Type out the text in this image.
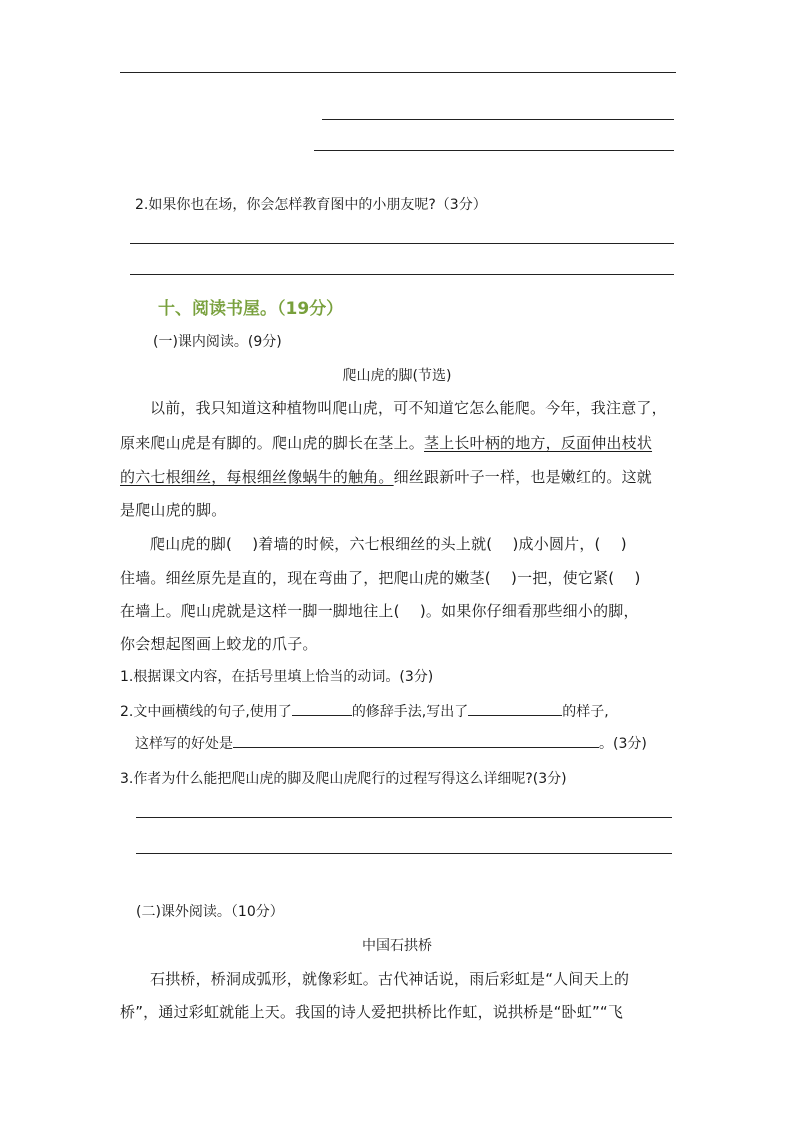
2.如果你也在场，你会怎样教育图中的小朋友呢?（3分）
十、阅读书屋。（19分）
(一)课内阅读。(9分)
爬山虎的脚(节选)
以前，我只知道这种植物叫爬山虎，可不知道它怎么能爬。今年，我注意了，
原来爬山虎是有脚的。爬山虎的脚长在茎上。茎上长叶柄的地方，反面伸出枝状
的六七根细丝，每根细丝像蜗牛的触角。细丝跟新叶子一样，也是嫩红的。这就
是爬山虎的脚。
爬山虎的脚(　 )着墙的时候，六七根细丝的头上就(　 )成小圆片，(　 )
住墙。细丝原先是直的，现在弯曲了，把爬山虎的嫩茎(　 )一把，使它紧(　 )
在墙上。爬山虎就是这样一脚一脚地往上(　 )。如果你仔细看那些细小的脚，
你会想起图画上蛟龙的爪子。
1.根据课文内容，在括号里填上恰当的动词。(3分)
2.文中画横线的句子,使用了	的修辞手法,写出了	的样子,
这样写的好处是	。(3分)
3.作者为什么能把爬山虎的脚及爬山虎爬行的过程写得这么详细呢?(3分)
(二)课外阅读。（10分）
中国石拱桥
石拱桥，桥洞成弧形，就像彩虹。古代神话说，雨后彩虹是“人间天上的
桥”，通过彩虹就能上天。我国的诗人爱把拱桥比作虹，说拱桥是“卧虹”“飞
